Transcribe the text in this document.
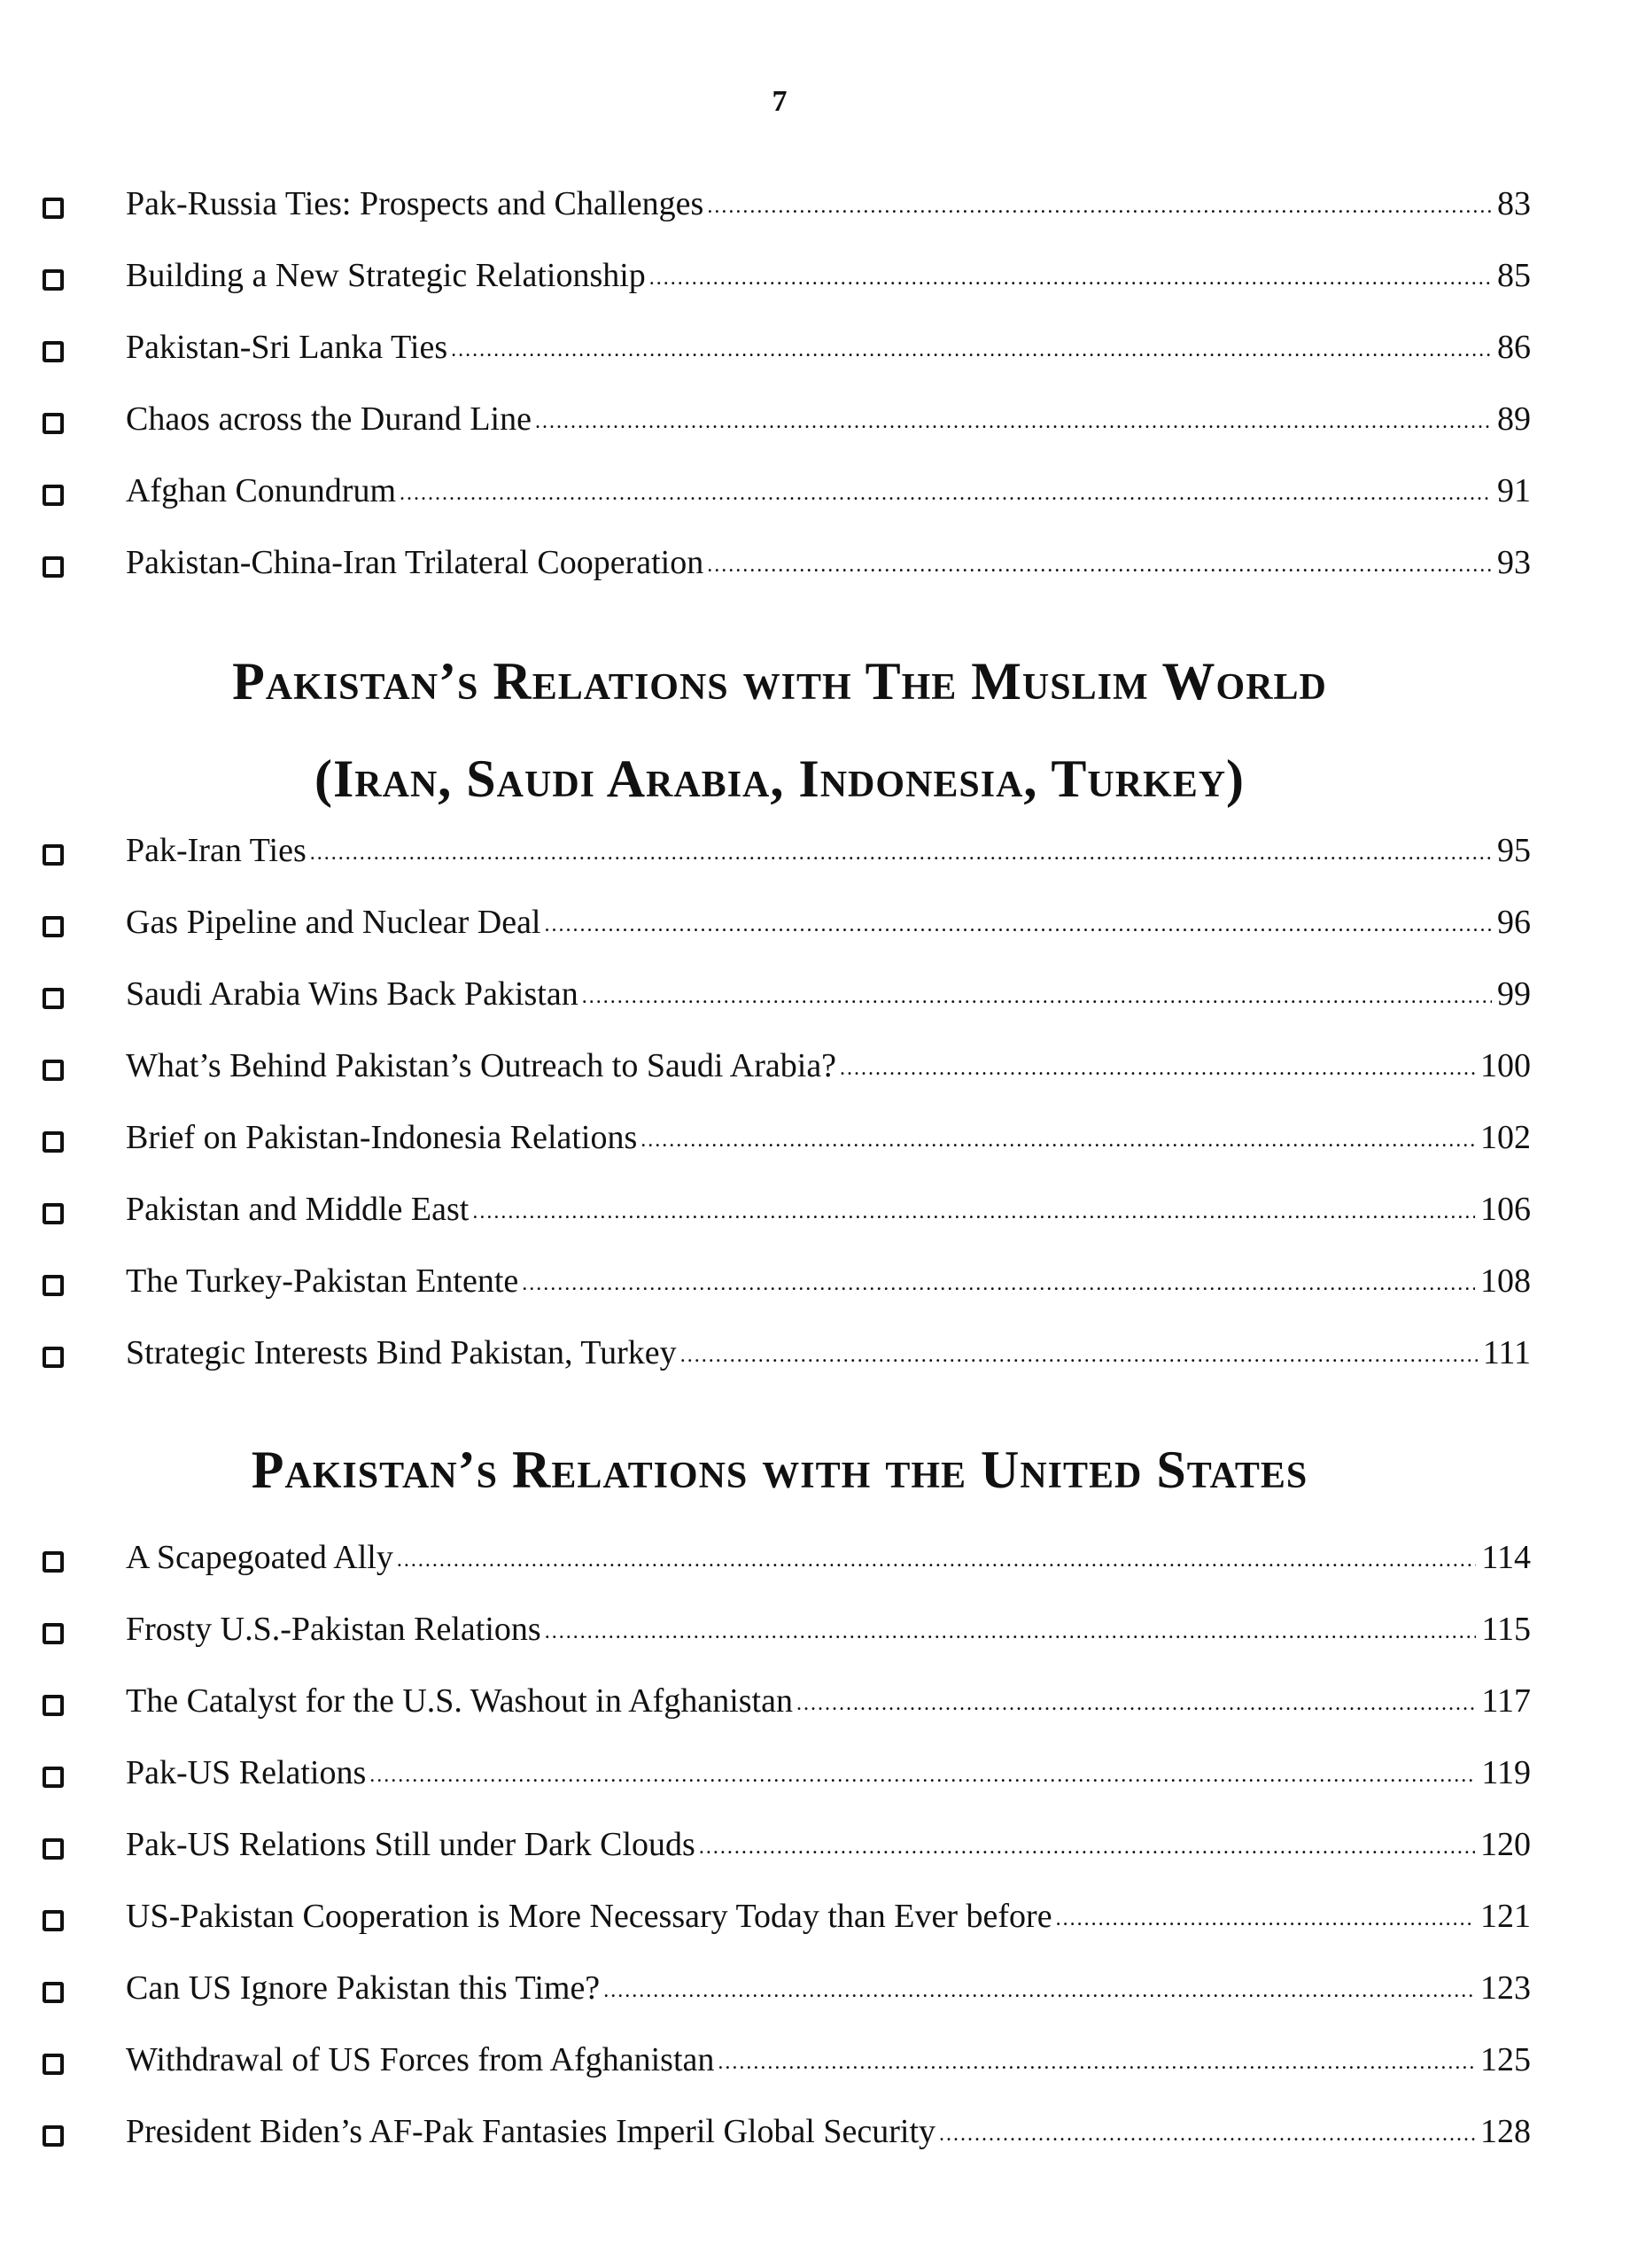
7
Pak-Russia Ties: Prospects and Challenges .....	83
Building a New Strategic Relationship .....	85
Pakistan-Sri Lanka Ties .....	86
Chaos across the Durand Line .....	89
Afghan Conundrum .....	91
Pakistan-China-Iran Trilateral Cooperation .....	93
Pakistan’s Relations with The Muslim World
(Iran, Saudi Arabia, Indonesia, Turkey)
Pak-Iran Ties .....	95
Gas Pipeline and Nuclear Deal .....	96
Saudi Arabia Wins Back Pakistan .....	99
What’s Behind Pakistan’s Outreach to Saudi Arabia? .....	100
Brief on Pakistan-Indonesia Relations .....	102
Pakistan and Middle East .....	106
The Turkey-Pakistan Entente .....	108
Strategic Interests Bind Pakistan, Turkey .....	111
Pakistan’s Relations with the United States
A Scapegoated Ally .....	114
Frosty U.S.-Pakistan Relations .....	115
The Catalyst for the U.S. Washout in Afghanistan .....	117
Pak-US Relations .....	119
Pak-US Relations Still under Dark Clouds .....	120
US-Pakistan Cooperation is More Necessary Today than Ever before .....	121
Can US Ignore Pakistan this Time? .....	123
Withdrawal of US Forces from Afghanistan .....	125
President Biden’s AF-Pak Fantasies Imperil Global Security .....	128
